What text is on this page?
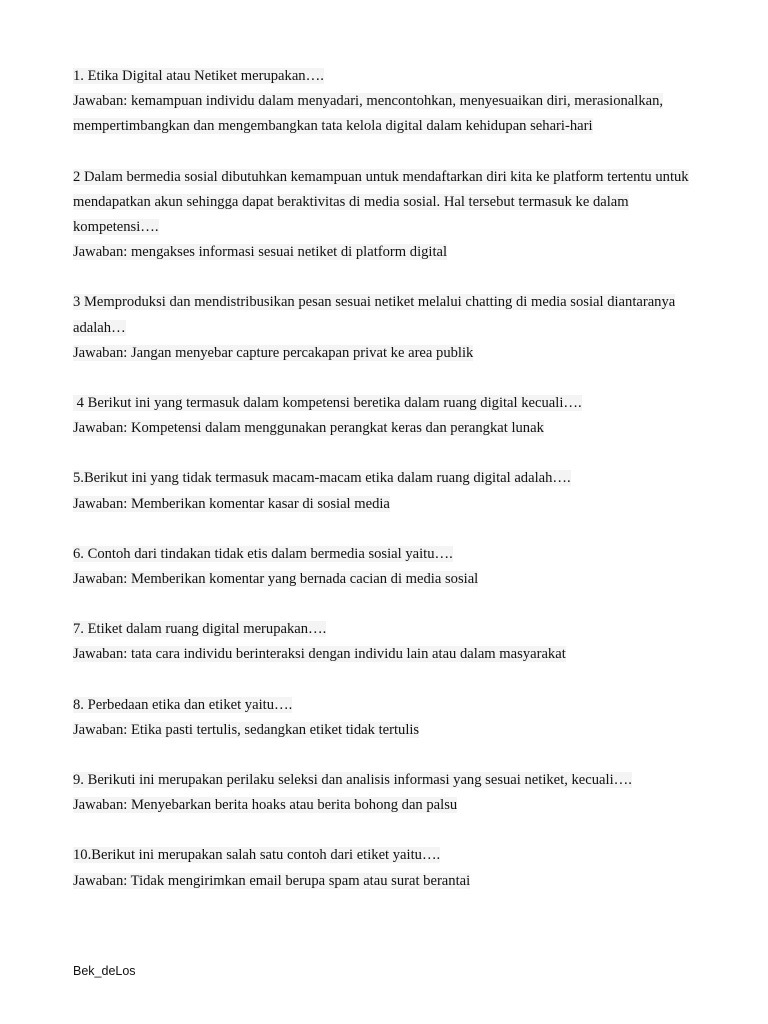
1. Etika Digital atau Netiket merupakan….

Jawaban: kemampuan individu dalam menyadari, mencontohkan, menyesuaikan diri, merasionalkan, mempertimbangkan dan mengembangkan tata kelola digital dalam kehidupan sehari-hari

2 Dalam bermedia sosial dibutuhkan kemampuan untuk mendaftarkan diri kita ke platform tertentu untuk mendapatkan akun sehingga dapat beraktivitas di media sosial. Hal tersebut termasuk ke dalam kompetensi….

Jawaban: mengakses informasi sesuai netiket di platform digital

3 Memproduksi dan mendistribusikan pesan sesuai netiket melalui chatting di media sosial diantaranya adalah…

Jawaban: Jangan menyebar capture percakapan privat ke area publik

4 Berikut ini yang termasuk dalam kompetensi beretika dalam ruang digital kecuali….

Jawaban: Kompetensi dalam menggunakan perangkat keras dan perangkat lunak

5.Berikut ini yang tidak termasuk macam-macam etika dalam ruang digital adalah….

Jawaban: Memberikan komentar kasar di sosial media

6. Contoh dari tindakan tidak etis dalam bermedia sosial yaitu….

Jawaban: Memberikan komentar yang bernada cacian di media sosial

7. Etiket dalam ruang digital merupakan….

Jawaban: tata cara individu berinteraksi dengan individu lain atau dalam masyarakat

8. Perbedaan etika dan etiket yaitu….

Jawaban: Etika pasti tertulis, sedangkan etiket tidak tertulis

9. Berikuti ini merupakan perilaku seleksi dan analisis informasi yang sesuai netiket, kecuali….

Jawaban: Menyebarkan berita hoaks atau berita bohong dan palsu

10.Berikut ini merupakan salah satu contoh dari etiket yaitu….

Jawaban: Tidak mengirimkan email berupa spam atau surat berantai

Bek_deLos
